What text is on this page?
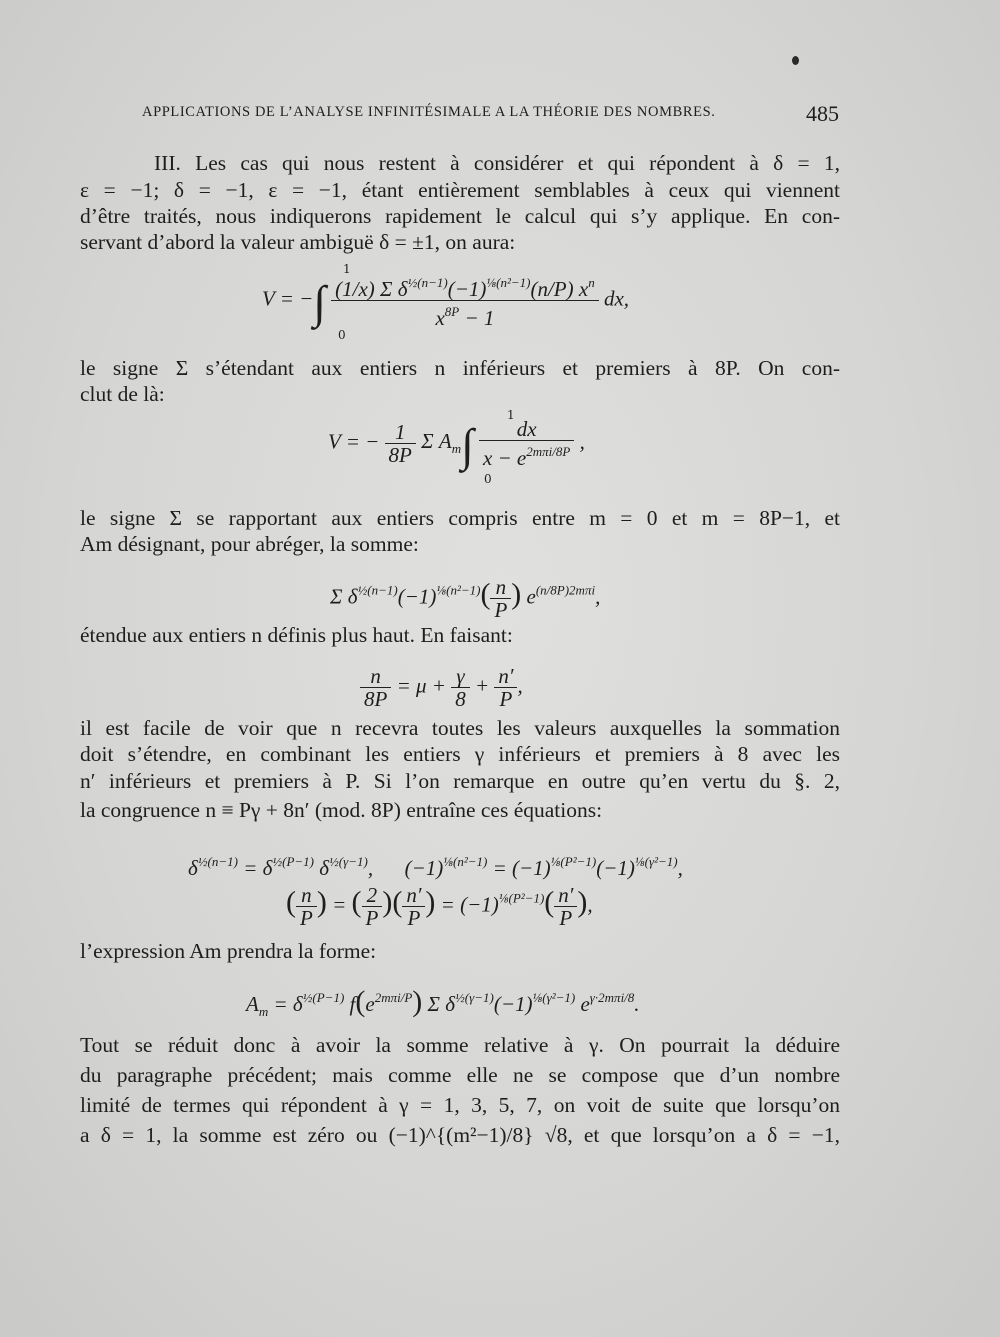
APPLICATIONS DE L’ANALYSE INFINITÉSIMALE A LA THÉORIE DES NOMBRES.	485
III. Les cas qui nous restent à considérer et qui répondent à δ = 1,
ε = −1; δ = −1, ε = −1, étant entièrement semblables à ceux qui viennent
d’être traités, nous indiquerons rapidement le calcul qui s’y applique. En con-
servant d’abord la valeur ambiguë δ = ±1, on aura:
V = −∫ $\frac{(1/x) \Sigma \delta^{\frac{1}{2}(n-1)}(-1)^{\frac{1}{8}(n^2-1)}(n/P) x^n}{x^{8P} - 1}$ dx,
1
0
le signe Σ s’étendant aux entiers n inférieurs et premiers à 8P. On con-
clut de là:
V = − $\frac{1}{8P}$ Σ $A_m\int \frac{dx}{x - e^{2m\pi i/8P}}$ ,
1
0
le signe Σ se rapportant aux entiers compris entre m = 0 et m = 8P−1, et
Am désignant, pour abréger, la somme:
Σ $\delta^{\frac{1}{2}(n-1)}(-1)^{\frac{1}{8}(n^2-1)}( \frac{n}{P}$ ) $e^{(n/8P)2m\pi i}$,
étendue aux entiers n définis plus haut. En faisant:
$\frac{n}{8P} = \mu + \frac{\gamma}{8} + \frac{n'}{P}$ ,
il est facile de voir que n recevra toutes les valeurs auxquelles la sommation
doit s’étendre, en combinant les entiers γ inférieurs et premiers à 8 avec les
n′ inférieurs et premiers à P. Si l’on remarque en outre qu’en vertu du §. 2,
la congruence n ≡ Pγ + 8n′ (mod. 8P) entraîne ces équations:
$\delta^{\frac{1}{2}(n-1)} = \delta^{\frac{1}{2}(P-1)}$ $\delta^{\frac{1}{2}(\gamma-1)}$,      $(-1)^{\frac{1}{8}(n^2-1)} = (-1)^{\frac{1}{8}(P^2-1)}(-1)^{\frac{1}{8}(\gamma^2-1)}$,
( $\frac{n}{P}$ ) = ( $\frac{2}{P}$ )( $\frac{n'}{P}$ ) = $(-1)^{\frac{1}{8}(P^2-1)}( \frac{n'}{P}$ ),
l’expression Am prendra la forme:
$A_m = \delta^{\frac{1}{2}(P-1)}$ $f(e^{2m\pi i/P})$ Σ $\delta^{\frac{1}{2}(\gamma-1)}(-1)^{\frac{1}{8}(\gamma^2-1)}$ $e^{\gamma\cdot 2m\pi i/8}$.
Tout se réduit donc à avoir la somme relative à γ. On pourrait la déduire
du paragraphe précédent; mais comme elle ne se compose que d’un nombre
limité de termes qui répondent à γ = 1, 3, 5, 7, on voit de suite que lorsqu’on
a δ = 1, la somme est zéro ou (−1)^{(m²−1)/8} √8, et que lorsqu’on a δ = −1,
